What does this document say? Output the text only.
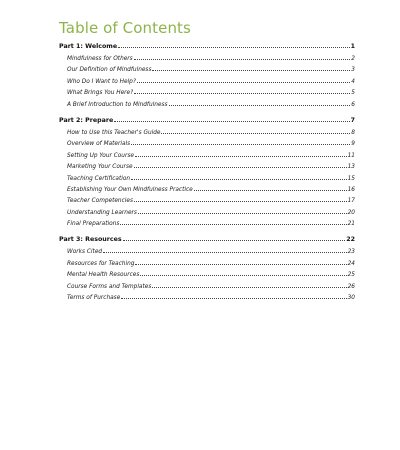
Table of Contents
Part 1: Welcome	1
Mindfulness for Others	2
Our Definition of Mindfulness	3
Who Do I Want to Help?	4
What Brings You Here?	5
A Brief Introduction to Mindfulness	6
Part 2: Prepare	7
How to Use this Teacher's Guide	8
Overview of Materials	9
Setting Up Your Course	11
Marketing Your Course	13
Teaching Certification	15
Establishing Your Own Mindfulness Practice	16
Teacher Competencies	17
Understanding Learners	20
Final Preparations	21
Part 3: Resources	22
Works Cited	23
Resources for Teaching	24
Mental Health Resources	25
Course Forms and Templates	26
Terms of Purchase	30
